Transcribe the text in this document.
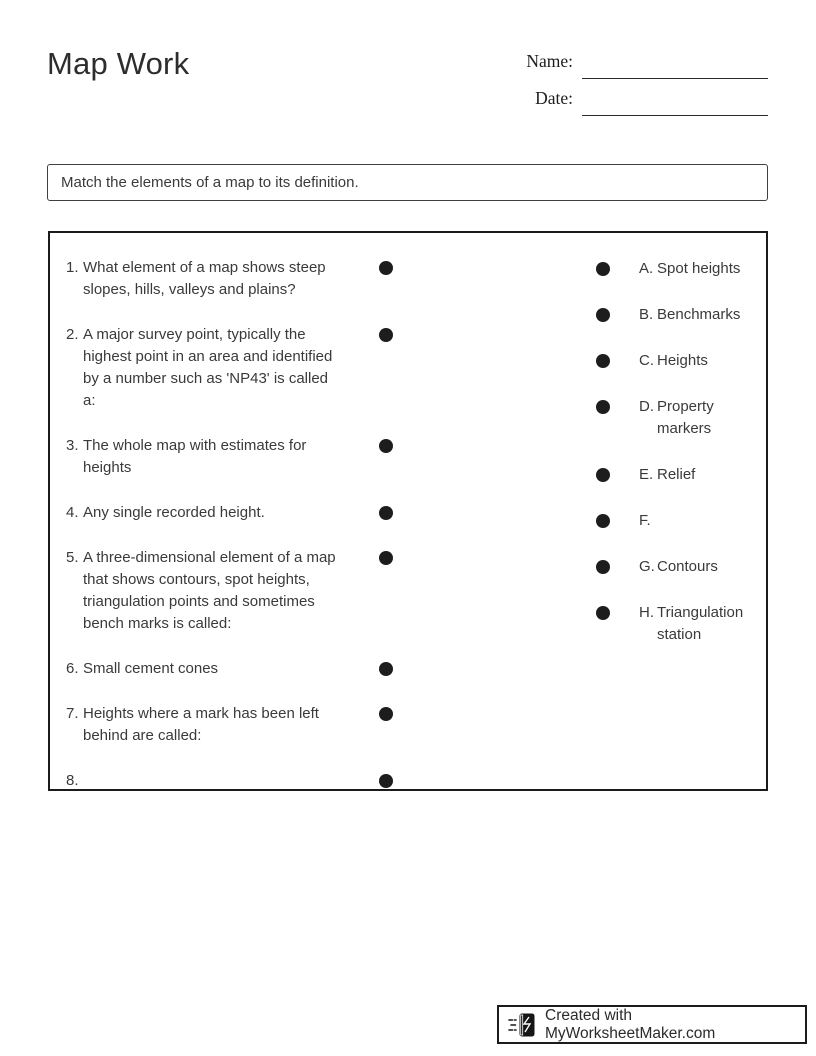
Map Work	Name:
Date:
Match the elements of a map to its definition.
1. What element of a map shows steep slopes, hills, valleys and plains?
2. A major survey point, typically the highest point in an area and identified by a number such as 'NP43' is called a:
3. The whole map with estimates for heights
4. Any single recorded height.
5. A three-dimensional element of a map that shows contours, spot heights, triangulation points and sometimes bench marks is called:
6. Small cement cones
7. Heights where a mark has been left behind are called:
8.
A. Spot heights
B. Benchmarks
C. Heights
D. Property markers
E. Relief
F.
G. Contours
H. Triangulation station
Created with MyWorksheetMaker.com
